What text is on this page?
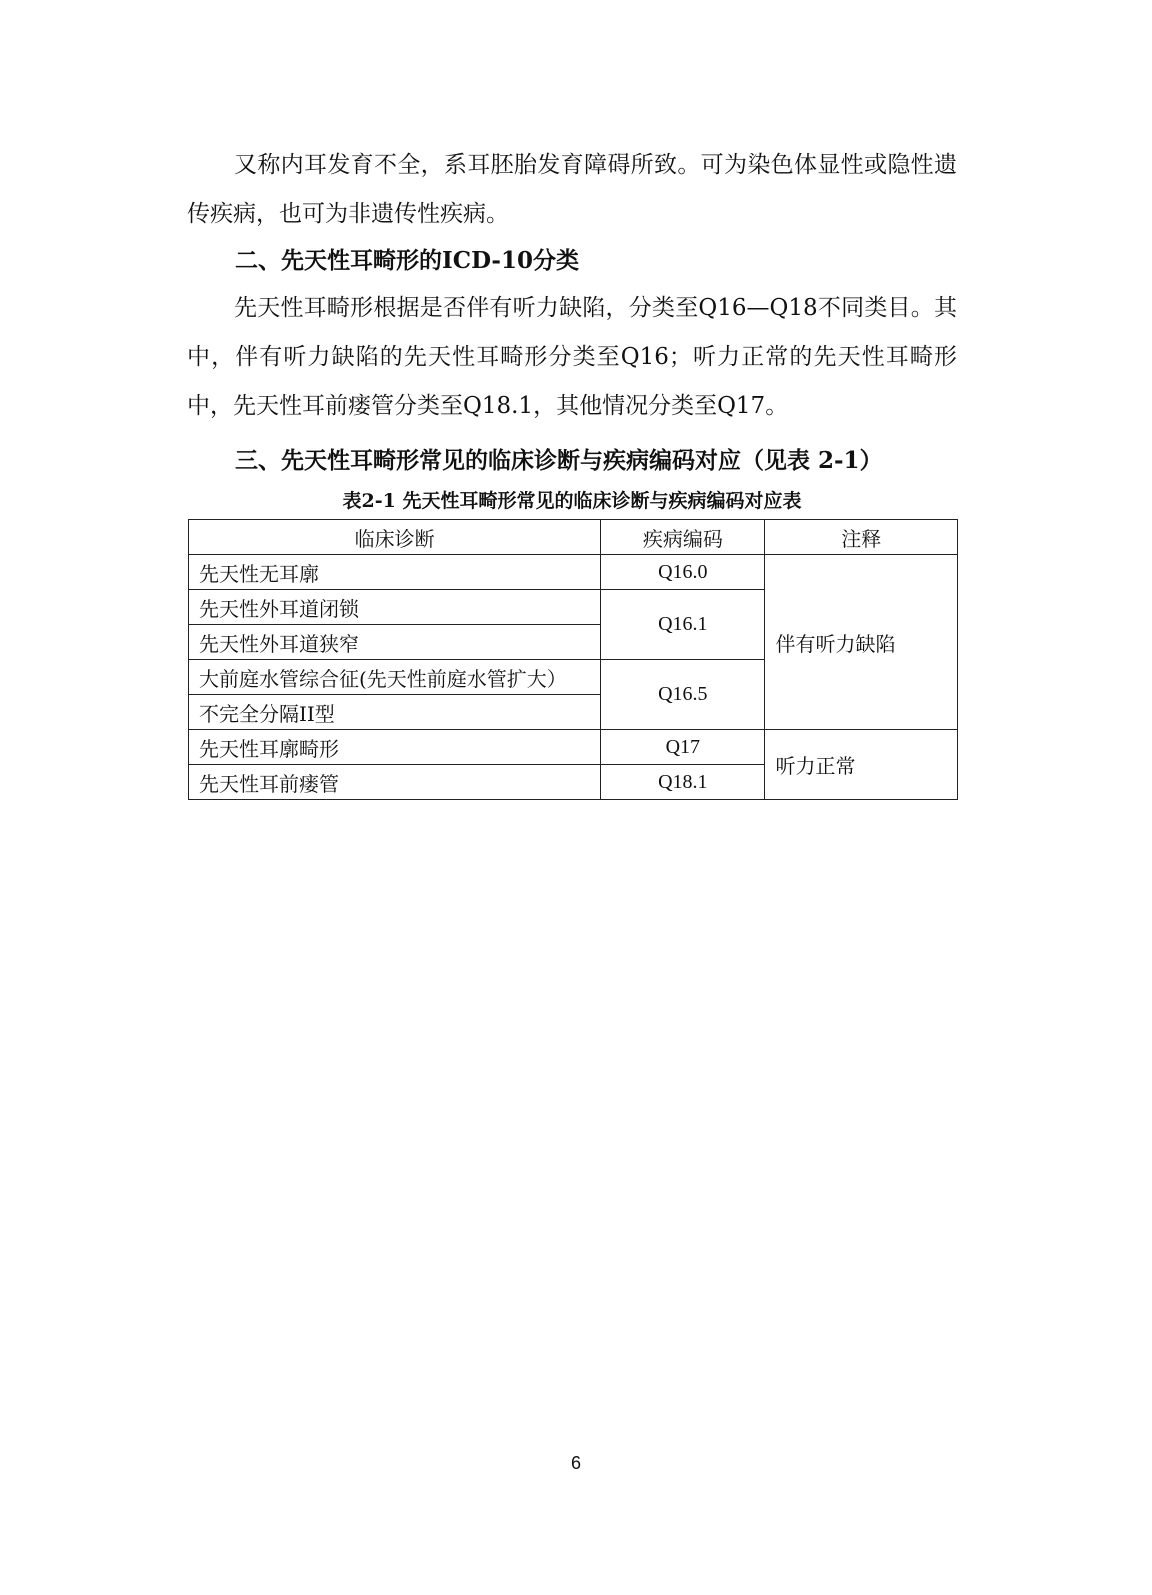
又称内耳发育不全，系耳胚胎发育障碍所致。可为染色体显性或隐性遗传疾病，也可为非遗传性疾病。

二、先天性耳畸形的ICD-10分类

先天性耳畸形根据是否伴有听力缺陷，分类至Q16—Q18不同类目。其中，伴有听力缺陷的先天性耳畸形分类至Q16；听力正常的先天性耳畸形中，先天性耳前瘘管分类至Q18.1，其他情况分类至Q17。

三、先天性耳畸形常见的临床诊断与疾病编码对应（见表 2-1）
表2-1 先天性耳畸形常见的临床诊断与疾病编码对应表
临床诊断	疾病编码	注释
先天性无耳廓	Q16.0	伴有听力缺陷
先天性外耳道闭锁	Q16.1	
先天性外耳道狭窄		
大前庭水管综合征(先天性前庭水管扩大）	Q16.5	
不完全分隔II型		
先天性耳廓畸形	Q17	听力正常
先天性耳前瘘管	Q18.1	
6
